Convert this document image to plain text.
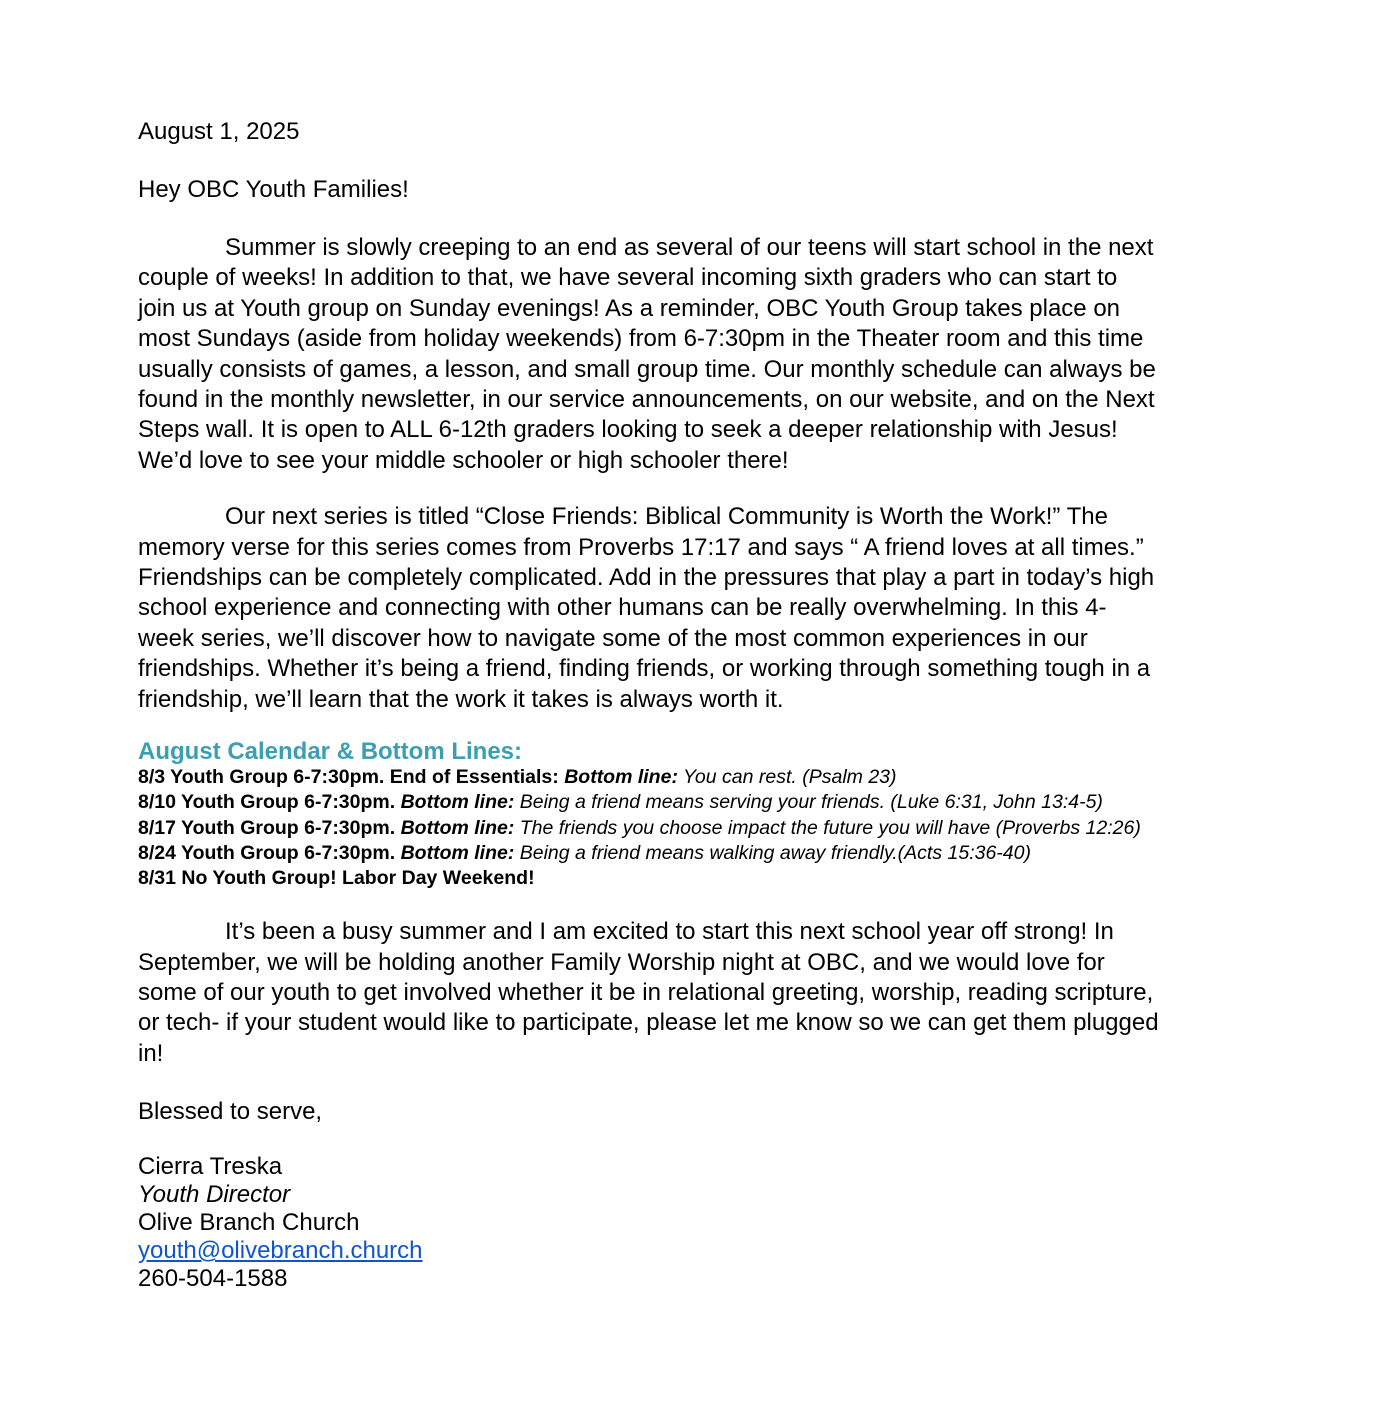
August 1, 2025

Hey OBC Youth Families!

Summer is slowly creeping to an end as several of our teens will start school in the next
couple of weeks! In addition to that, we have several incoming sixth graders who can start to
join us at Youth group on Sunday evenings! As a reminder, OBC Youth Group takes place on
most Sundays (aside from holiday weekends) from 6-7:30pm in the Theater room and this time
usually consists of games, a lesson, and small group time. Our monthly schedule can always be
found in the monthly newsletter, in our service announcements, on our website, and on the Next
Steps wall. It is open to ALL 6-12th graders looking to seek a deeper relationship with Jesus!
We’d love to see your middle schooler or high schooler there!

Our next series is titled “Close Friends: Biblical Community is Worth the Work!” The
memory verse for this series comes from Proverbs 17:17 and says “ A friend loves at all times.”
Friendships can be completely complicated. Add in the pressures that play a part in today’s high
school experience and connecting with other humans can be really overwhelming. In this 4-
week series, we’ll discover how to navigate some of the most common experiences in our
friendships. Whether it’s being a friend, finding friends, or working through something tough in a
friendship, we’ll learn that the work it takes is always worth it.

August Calendar & Bottom Lines:
8/3 Youth Group 6-7:30pm. End of Essentials: Bottom line: You can rest. (Psalm 23)
8/10 Youth Group 6-7:30pm. Bottom line: Being a friend means serving your friends. (Luke 6:31, John 13:4-5)
8/17 Youth Group 6-7:30pm. Bottom line: The friends you choose impact the future you will have (Proverbs 12:26)
8/24 Youth Group 6-7:30pm. Bottom line: Being a friend means walking away friendly.(Acts 15:36-40)
8/31 No Youth Group! Labor Day Weekend!

It’s been a busy summer and I am excited to start this next school year off strong! In
September, we will be holding another Family Worship night at OBC, and we would love for
some of our youth to get involved whether it be in relational greeting, worship, reading scripture,
or tech- if your student would like to participate, please let me know so we can get them plugged
in!

Blessed to serve,

Cierra Treska

Youth Director

Olive Branch Church

youth@olivebranch.church

260-504-1588
